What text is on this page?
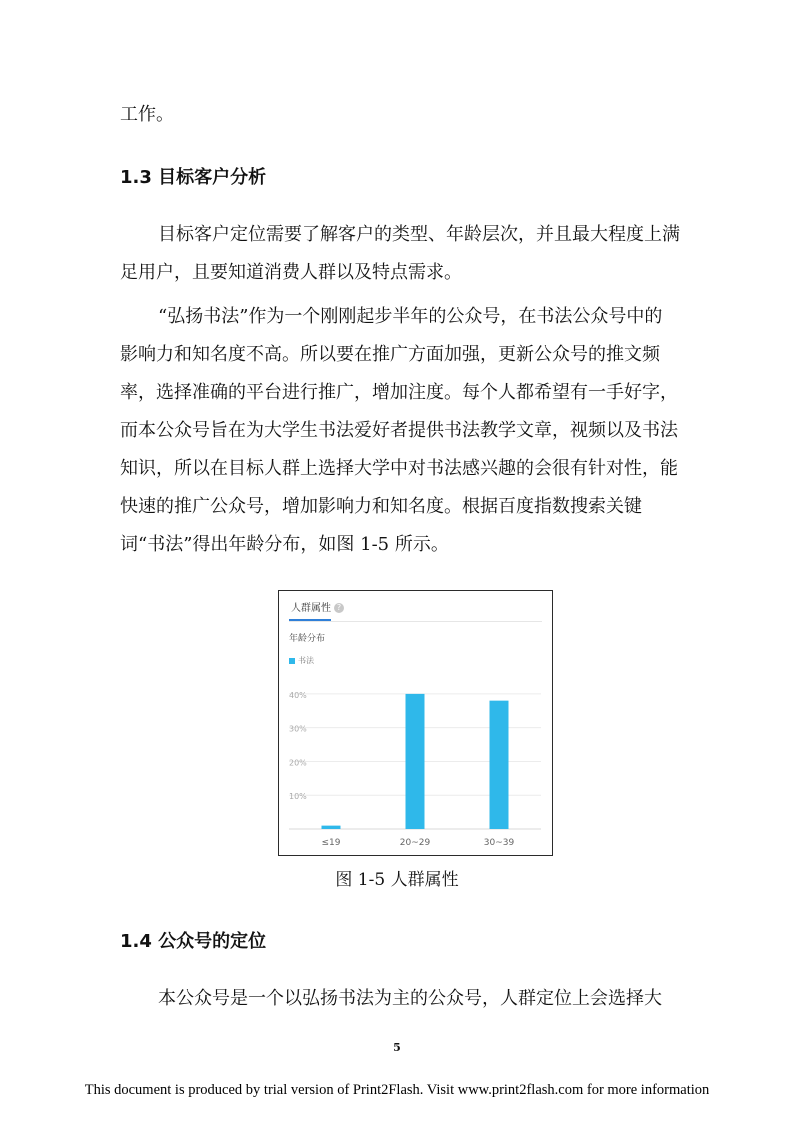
工作。

1.3 目标客户分析

目标客户定位需要了解客户的类型、年龄层次，并且最大程度上满足用户，且要知道消费人群以及特点需求。

“弘扬书法”作为一个刚刚起步半年的公众号，在书法公众号中的影响力和知名度不高。所以要在推广方面加强，更新公众号的推文频率，选择准确的平台进行推广，增加注度。每个人都希望有一手好字，而本公众号旨在为大学生书法爱好者提供书法教学文章，视频以及书法知识，所以在目标人群上选择大学中对书法感兴趣的会很有针对性，能快速的推广公众号，增加影响力和知名度。根据百度指数搜索关键词“书法”得出年龄分布，如图 1-5 所示。

人群属性 ?
年龄分布
书法
10%
20%
30%
40%
≤19	20~29	30~39
图 1-5 人群属性
1.4 公众号的定位

本公众号是一个以弘扬书法为主的公众号，人群定位上会选择大

5
This document is produced by trial version of Print2Flash. Visit www.print2flash.com for more information
